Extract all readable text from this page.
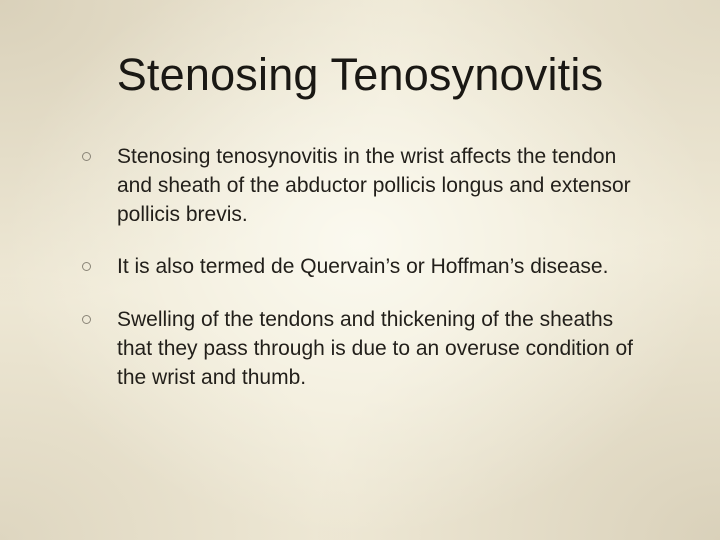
Stenosing Tenosynovitis
Stenosing tenosynovitis in the wrist affects the tendon and sheath of the abductor pollicis longus and extensor pollicis brevis.
It is also termed de Quervain’s or Hoffman’s disease.
Swelling of the tendons and thickening of the sheaths that they pass through is due to an overuse condition of the wrist and thumb.
